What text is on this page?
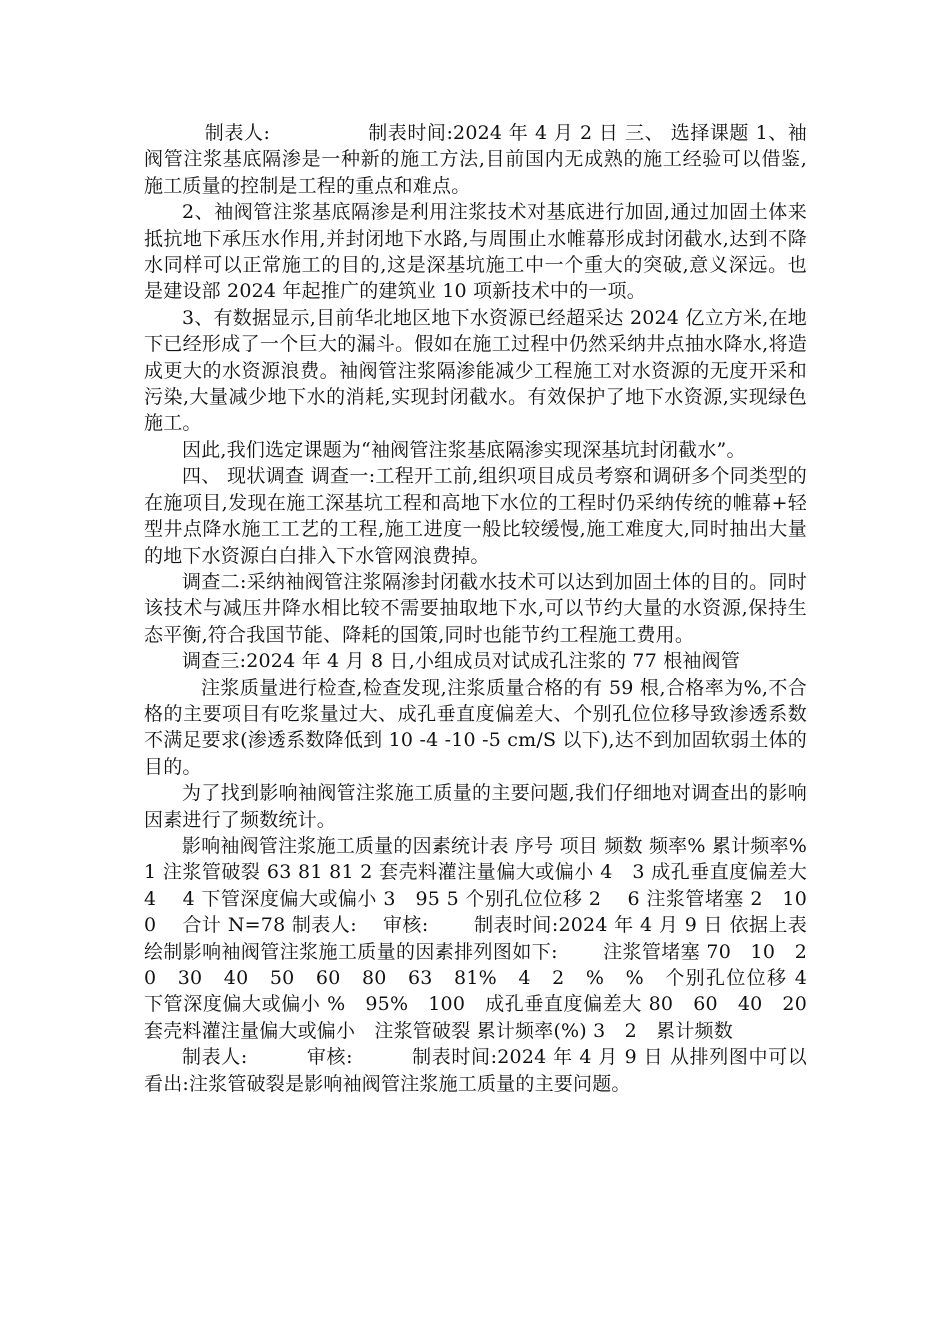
制表人:　　　　　制表时间:2024 年 4 月 2 日 三、 选择课题 1、袖阀管注浆基底隔渗是一种新的施工方法,目前国内无成熟的施工经验可以借鉴,施工质量的控制是工程的重点和难点。

2、袖阀管注浆基底隔渗是利用注浆技术对基底进行加固,通过加固土体来抵抗地下承压水作用,并封闭地下水路,与周围止水帷幕形成封闭截水,达到不降水同样可以正常施工的目的,这是深基坑施工中一个重大的突破,意义深远。也是建设部 2024 年起推广的建筑业 10 项新技术中的一项。

3、有数据显示,目前华北地区地下水资源已经超采达 2024 亿立方米,在地下已经形成了一个巨大的漏斗。假如在施工过程中仍然采纳井点抽水降水,将造成更大的水资源浪费。袖阀管注浆隔渗能减少工程施工对水资源的无度开采和污染,大量减少地下水的消耗,实现封闭截水。有效保护了地下水资源,实现绿色施工。

因此,我们选定课题为“袖阀管注浆基底隔渗实现深基坑封闭截水”。

四、 现状调查 调查一:工程开工前,组织项目成员考察和调研多个同类型的在施项目,发现在施工深基坑工程和高地下水位的工程时仍采纳传统的帷幕+轻型井点降水施工工艺的工程,施工进度一般比较缓慢,施工难度大,同时抽出大量的地下水资源白白排入下水管网浪费掉。

调查二:采纳袖阀管注浆隔渗封闭截水技术可以达到加固土体的目的。同时该技术与减压井降水相比较不需要抽取地下水,可以节约大量的水资源,保持生态平衡,符合我国节能、降耗的国策,同时也能节约工程施工费用。

调查三:2024 年 4 月 8 日,小组成员对试成孔注浆的 77 根袖阀管

注浆质量进行检查,检查发现,注浆质量合格的有 59 根,合格率为%,不合格的主要项目有吃浆量过大、成孔垂直度偏差大、个别孔位位移导致渗透系数不满足要求(渗透系数降低到 10 -4 -10 -5 cm/S 以下),达不到加固软弱土体的目的。

为了找到影响袖阀管注浆施工质量的主要问题,我们仔细地对调查出的影响因素进行了频数统计。

影响袖阀管注浆施工质量的因素统计表 序号 项目 频数 频率% 累计频率% 1 注浆管破裂 63 81 81 2 套壳料灌注量偏大或偏小 4　3 成孔垂直度偏差大 4　 4 下管深度偏大或偏小 3　95 5 个别孔位位移 2　 6 注浆管堵塞 2　100　 合计 N=78 制表人:　 审核:　　 制表时间:2024 年 4 月 9 日 依据上表绘制影响袖阀管注浆施工质量的因素排列图如下:　　 注浆管堵塞 70　10　20　30　40　50　60　80　63　81%　4　2　%　%　个别孔位位移 4　下管深度偏大或偏小 %　95%　100　成孔垂直度偏差大 80　60　40　20　套壳料灌注量偏大或偏小　注浆管破裂 累计频率(%) 3　2　累计频数

制表人:　　　审核:　　　制表时间:2024 年 4 月 9 日 从排列图中可以看出:注浆管破裂是影响袖阀管注浆施工质量的主要问题。
